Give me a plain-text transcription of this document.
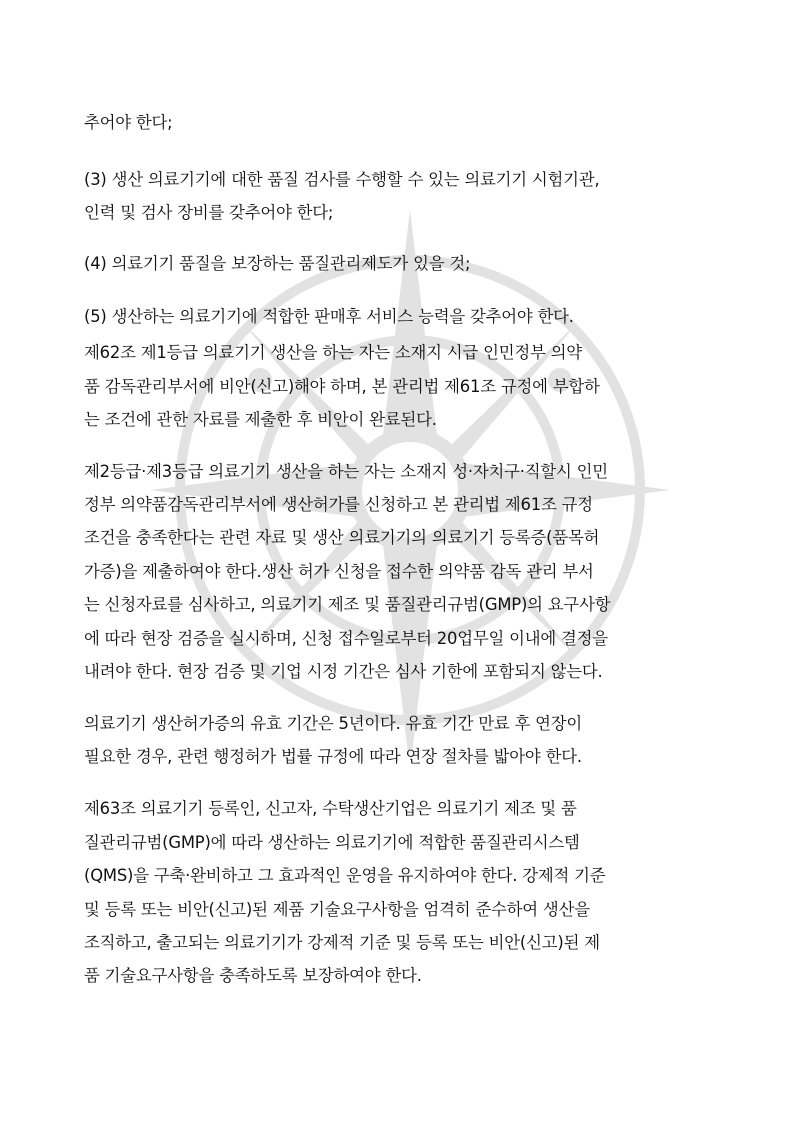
추어야 한다;
(3) 생산 의료기기에 대한 품질 검사를 수행할 수 있는 의료기기 시험기관,
인력 및 검사 장비를 갖추어야 한다;
(4) 의료기기 품질을 보장하는 품질관리제도가 있을 것;
(5) 생산하는 의료기기에 적합한 판매후 서비스 능력을 갖추어야 한다.
제62조 제1등급 의료기기 생산을 하는 자는 소재지 시급 인민정부 의약
품 감독관리부서에 비안(신고)해야 하며, 본 관리법 제61조 규정에 부합하
는 조건에 관한 자료를 제출한 후 비안이 완료된다.
제2등급·제3등급 의료기기 생산을 하는 자는 소재지 성·자치구·직할시 인민
정부 의약품감독관리부서에 생산허가를 신청하고 본 관리법 제61조 규정
조건을 충족한다는 관련 자료 및 생산 의료기기의 의료기기 등록증(품목허
가증)을 제출하여야 한다.생산 허가 신청을 접수한 의약품 감독 관리 부서
는 신청자료를 심사하고, 의료기기 제조 및 품질관리규범(GMP)의 요구사항
에 따라 현장 검증을 실시하며, 신청 접수일로부터 20업무일 이내에 결정을
내려야 한다. 현장 검증 및 기업 시정 기간은 심사 기한에 포함되지 않는다.
의료기기 생산허가증의 유효 기간은 5년이다. 유효 기간 만료 후 연장이
필요한 경우, 관련 행정허가 법률 규정에 따라 연장 절차를 밟아야 한다.
제63조 의료기기 등록인, 신고자, 수탁생산기업은 의료기기 제조 및 품
질관리규범(GMP)에 따라 생산하는 의료기기에 적합한 품질관리시스템
(QMS)을 구축·완비하고 그 효과적인 운영을 유지하여야 한다. 강제적 기준
및 등록 또는 비안(신고)된 제품 기술요구사항을 엄격히 준수하여 생산을
조직하고, 출고되는 의료기기가 강제적 기준 및 등록 또는 비안(신고)된 제
품 기술요구사항을 충족하도록 보장하여야 한다.
